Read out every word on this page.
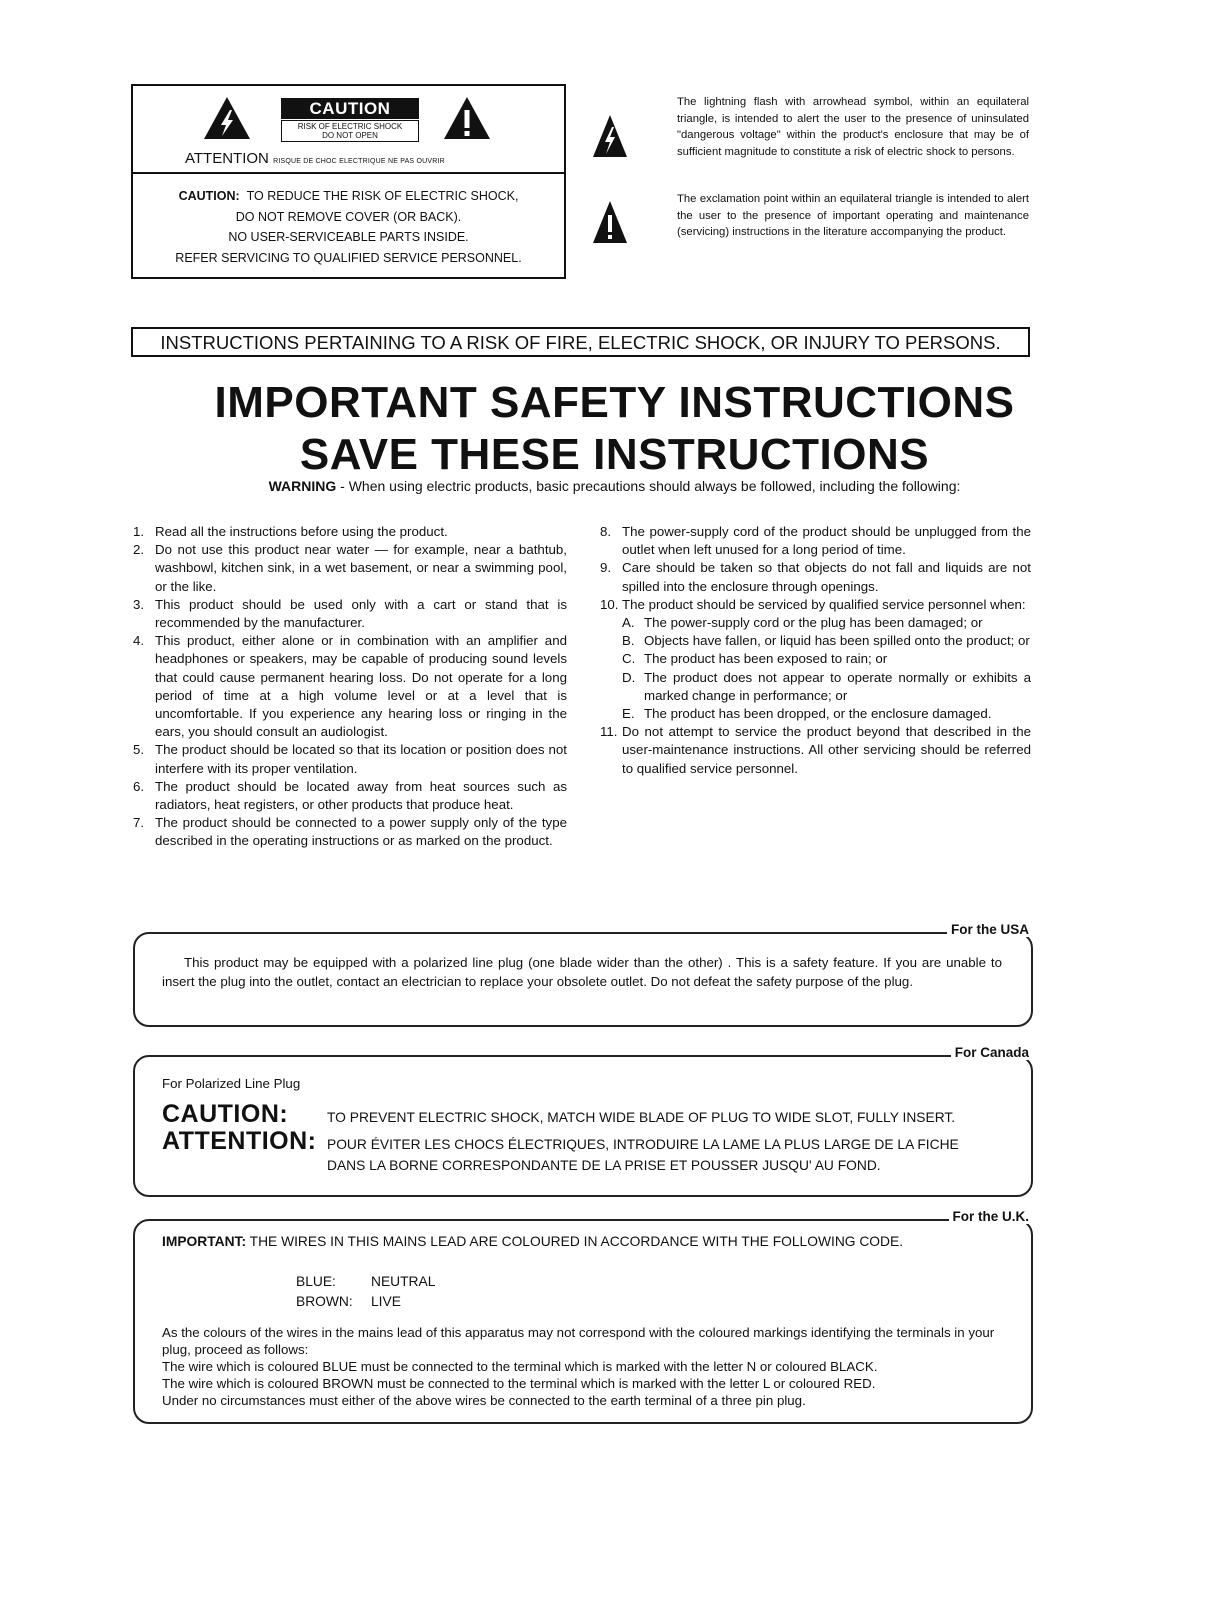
CAUTION
RISK OF ELECTRIC SHOCK
DO NOT OPEN
ATTENTION RISQUE DE CHOC ELECTRIQUE NE PAS OUVRIR
CAUTION: TO REDUCE THE RISK OF ELECTRIC SHOCK,
DO NOT REMOVE COVER (OR BACK).
NO USER-SERVICEABLE PARTS INSIDE.
REFER SERVICING TO QUALIFIED SERVICE PERSONNEL.
The lightning flash with arrowhead symbol, within an equilateral triangle, is intended to alert the user to the presence of uninsulated "dangerous voltage" within the product's enclosure that may be of sufficient magnitude to constitute a risk of electric shock to persons.
The exclamation point within an equilateral triangle is intended to alert the user to the presence of important operating and maintenance (servicing) instructions in the literature accompanying the product.
INSTRUCTIONS PERTAINING TO A RISK OF FIRE, ELECTRIC SHOCK, OR INJURY TO PERSONS.
IMPORTANT SAFETY INSTRUCTIONS
SAVE THESE INSTRUCTIONS
WARNING - When using electric products, basic precautions should always be followed, including the following:
1. Read all the instructions before using the product.
2. Do not use this product near water — for example, near a bathtub, washbowl, kitchen sink, in a wet basement, or near a swimming pool, or the like.
3. This product should be used only with a cart or stand that is recommended by the manufacturer.
4. This product, either alone or in combination with an amplifier and headphones or speakers, may be capable of producing sound levels that could cause permanent hearing loss. Do not operate for a long period of time at a high volume level or at a level that is uncomfortable. If you experience any hearing loss or ringing in the ears, you should consult an audiologist.
5. The product should be located so that its location or position does not interfere with its proper ventilation.
6. The product should be located away from heat sources such as radiators, heat registers, or other products that produce heat.
7. The product should be connected to a power supply only of the type described in the operating instructions or as marked on the product.
8. The power-supply cord of the product should be unplugged from the outlet when left unused for a long period of time.
9. Care should be taken so that objects do not fall and liquids are not spilled into the enclosure through openings.
10. The product should be serviced by qualified service personnel when:
A. The power-supply cord or the plug has been damaged; or
B. Objects have fallen, or liquid has been spilled onto the product; or
C. The product has been exposed to rain; or
D. The product does not appear to operate normally or exhibits a marked change in performance; or
E. The product has been dropped, or the enclosure damaged.
11. Do not attempt to service the product beyond that described in the user-maintenance instructions. All other servicing should be referred to qualified service personnel.
For the USA
This product may be equipped with a polarized line plug (one blade wider than the other) . This is a safety feature. If you are unable to insert the plug into the outlet, contact an electrician to replace your obsolete outlet. Do not defeat the safety purpose of the plug.
For Canada
For Polarized Line Plug
CAUTION:	TO PREVENT ELECTRIC SHOCK, MATCH WIDE BLADE OF PLUG TO WIDE SLOT, FULLY INSERT.
ATTENTION: POUR ÉVITER LES CHOCS ÉLECTRIQUES, INTRODUIRE LA LAME LA PLUS LARGE DE LA FICHE
DANS LA BORNE CORRESPONDANTE DE LA PRISE ET POUSSER JUSQU' AU FOND.
For the U.K.
IMPORTANT: THE WIRES IN THIS MAINS LEAD ARE COLOURED IN ACCORDANCE WITH THE FOLLOWING CODE.
BLUE:	NEUTRAL
BROWN: LIVE
As the colours of the wires in the mains lead of this apparatus may not correspond with the coloured markings identifying the terminals in your plug, proceed as follows:
The wire which is coloured BLUE must be connected to the terminal which is marked with the letter N or coloured BLACK.
The wire which is coloured BROWN must be connected to the terminal which is marked with the letter L or coloured RED.
Under no circumstances must either of the above wires be connected to the earth terminal of a three pin plug.
